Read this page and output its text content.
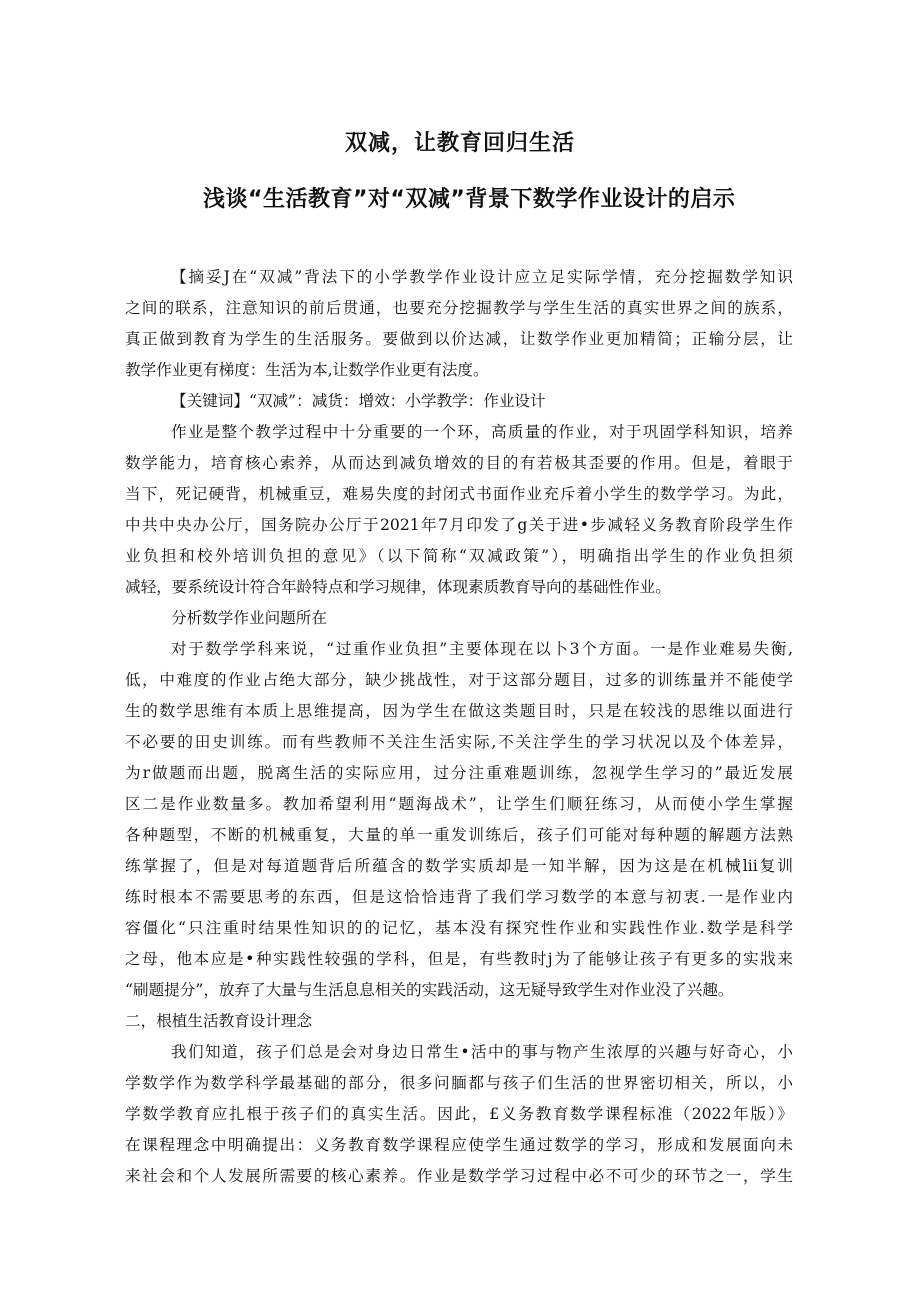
双减，让教育回归生活
浅谈“生活教育”对“双减”背景下数学作业设计的启示
【摘妥J在“双减”背法下的小学教学作业设计应立足实际学情，充分挖掘数学知识
之间的联系，注意知识的前后贯通，也要充分挖掘教学与学生生活的真实世界之间的族系，
真正做到教育为学生的生活服务。要做到以价达减，让数学作业更加精简；正输分层，让
教学作业更有梯度：生活为本,让数学作业更有法度。
【关键词】“双减”：减货：增效：小学教学：作业设计
作业是整个教学过程中十分重要的一个环，高质量的作业，对于巩固学科知识，培养
数学能力，培育核心索养，从而达到减负增效的目的有若极其歪要的作用。但是，着眼于
当下，死记硬背，机械重豆，难易失度的封闭式书面作业充斥着小学生的数学学习。为此，
中共中央办公厅，国务院办公厅于2021年7月印发了g关于进•步减轻义务教育阶段学生作
业负担和校外培训负担的意见》（以下简称“双减政策”），明确指出学生的作业负担须
减轻，要系统设计符合年龄特点和学习规律，体现素质教育导向的基础性作业。
分析数学作业问题所在
对于数学学科来说，“过重作业负担”主要体现在以卜3个方面。一是作业难易失衡,
低，中难度的作业占绝大部分，缺少挑战性，对于这部分题目，过多的训练量并不能使学
生的数学思维有本质上思维提高，因为学生在做这类题目时，只是在较浅的思维以面进行
不必要的田史训练。而有些教师不关注生活实际,不关注学生的学习状况以及个体差异，
为r做题而出题，脱离生活的实际应用，过分注重难题训练，忽视学生学习的”最近发展
区二是作业数量多。教加希望利用“题海战术”，让学生们顺狂练习，从而使小学生掌握
各种题型，不断的机械重复，大量的单一重发训练后，孩子们可能对每种题的解题方法熟
练掌握了，但是对每道题背后所蕴含的数学实质却是一知半解，因为这是在机械lii复训
练时根本不需要思考的东西，但是这恰恰违背了我们学习数学的本意与初衷.一是作业内
容僵化“只注重时结果性知识的的记忆，基本没有探究性作业和实践性作业.数学是科学
之母，他本应是•种实践性较强的学科，但是，有些教时j为了能够让孩子有更多的实戕来
“刷题提分”，放弃了大量与生活息息相关的实践活动，这无疑导致学生对作业没了兴趣。
二，根植生活教育设计理念
我们知道，孩子们总是会对身边日常生•活中的事与物产生浓厚的兴趣与好奇心，小
学数学作为数学科学最基础的部分，很多问腼都与孩子们生活的世界密切相关，所以，小
学数学教育应扎根于孩子们的真实生活。因此，£义务教育数学课程标准（2022年版）》
在课程理念中明确提出：义务教育数学课程应使学生通过数学的学习，形成和发展面向未
来社会和个人发展所需要的核心素养。作业是数学学习过程中必不可少的环节之一，学生
